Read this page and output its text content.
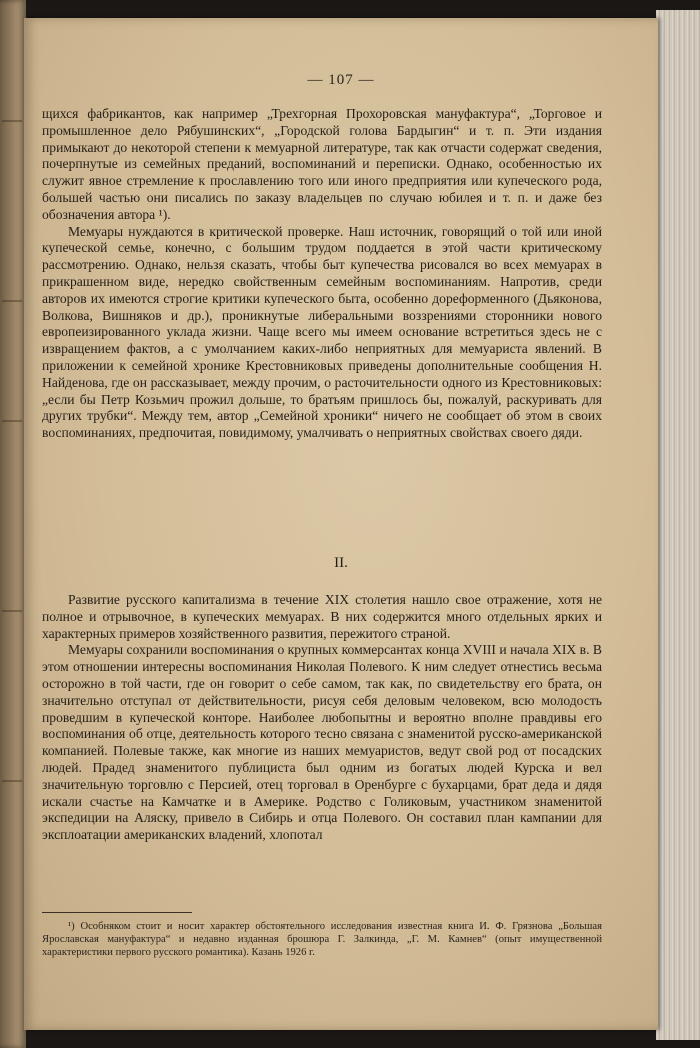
— 107 —

щихся фабрикантов, как например „Трехгорная Прохоровская мануфактура“, „Торговое и промышленное дело Рябушинских“, „Городской голова Бардыгин“ и т. п. Эти издания примыкают до некоторой степени к мемуарной литературе, так как отчасти содержат сведения, почерпнутые из семейных преданий, воспоминаний и переписки. Однако, особенностью их служит явное стремление к прославлению того или иного предприятия или купеческого рода, большей частью они писались по заказу владельцев по случаю юбилея и т. п. и даже без обозначения автора ¹).

Мемуары нуждаются в критической проверке. Наш источник, говорящий о той или иной купеческой семье, конечно, с большим трудом поддается в этой части критическому рассмотрению. Однако, нельзя сказать, чтобы быт купечества рисовался во всех мемуарах в прикрашенном виде, нередко свойственным семейным воспоминаниям. Напротив, среди авторов их имеются строгие критики купеческого быта, особенно дореформенного (Дьяконова, Волкова, Вишняков и др.), проникнутые либеральными воззрениями сторонники нового европеизированного уклада жизни. Чаще всего мы имеем основание встретиться здесь не с извращением фактов, а с умолчанием каких-либо неприятных для мемуариста явлений. В приложении к семейной хронике Крестовниковых приведены дополнительные сообщения Н. Найденова, где он рассказывает, между прочим, о расточительности одного из Крестовниковых: „если бы Петр Козьмич прожил дольше, то братьям пришлось бы, пожалуй, раскуривать для других трубки“. Между тем, автор „Семейной хроники“ ничего не сообщает об этом в своих воспоминаниях, предпочитая, повидимому, умалчивать о неприятных свойствах своего дяди.

II.

Развитие русского капитализма в течение XIX столетия нашло свое отражение, хотя не полное и отрывочное, в купеческих мемуарах. В них содержится много отдельных ярких и характерных примеров хозяйственного развития, пережитого страной.

Мемуары сохранили воспоминания о крупных коммерсантах конца XVIII и начала XIX в. В этом отношении интересны воспоминания Николая Полевого. К ним следует отнестись весьма осторожно в той части, где он говорит о себе самом, так как, по свидетельству его брата, он значительно отступал от действительности, рисуя себя деловым человеком, всю молодость проведшим в купеческой конторе. Наиболее любопытны и вероятно вполне правдивы его воспоминания об отце, деятельность которого тесно связана с знаменитой русско-американской компанией. Полевые также, как многие из наших мемуаристов, ведут свой род от посадских людей. Прадед знаменитого публициста был одним из богатых людей Курска и вел значительную торговлю с Персией, отец торговал в Оренбурге с бухарцами, брат деда и дядя искали счастье на Камчатке и в Америке. Родство с Голиковым, участником знаменитой экспедиции на Аляску, привело в Сибирь и отца Полевого. Он составил план кампании для эксплоатации американских владений, хлопотал

¹) Особняком стоит и носит характер обстоятельного исследования известная книга И. Ф. Грязнова „Большая Ярославская мануфактура“ и недавно изданная брошюра Г. Залкинда, „Г. М. Камнев“ (опыт имущественной характеристики первого русского романтика). Казань 1926 г.
